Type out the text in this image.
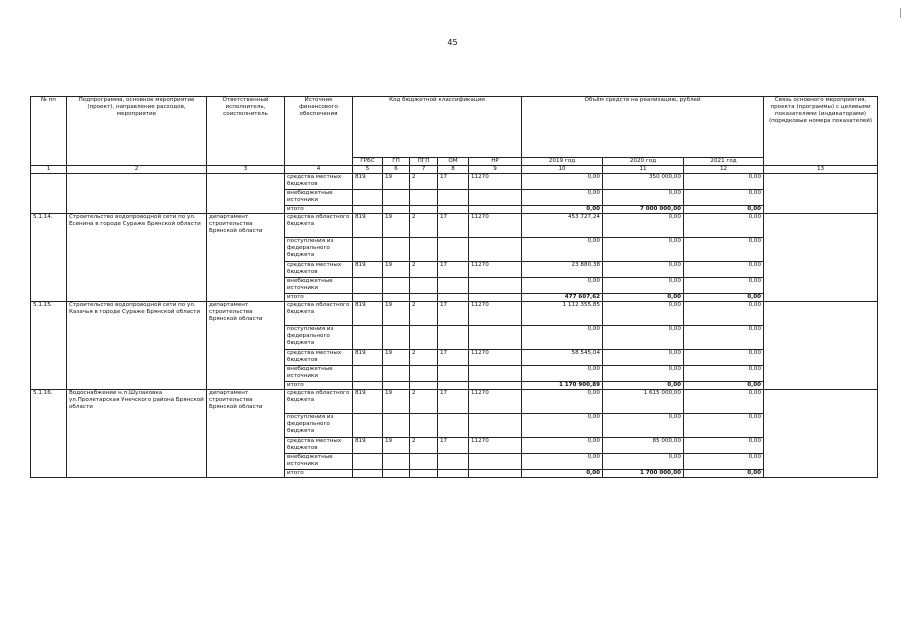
45
№ пп	Подпрограмма, основное мероприятие (проект), направление расходов, мероприятие	Ответственный исполнитель, соисполнитель	Источник финансового обеспечения	Код бюджетной классификации					Объём средств на реализацию, рублей			Связь основного мероприятия, проекта (программы) с целевыми показателями (индикаторами) (порядковые номера показателей)
				ГРБС	ГП	ПГП	ОМ	НР	2019 год	2020 год	2021 год	
1	2	3	4	5	6	7	8	9	10	11	12	13
			средства местных бюджетов	819	19	2	17	11270	0,00	350 000,00	0,00	
			внебюджетные источники						0,00	0,00	0,00	
			итого						0,00	7 000 000,00	0,00	
5.1.14.	Строительство водопроводной сети по ул. Есенина в городе Сураже Брянской области	департамент строительства Брянской области	средства областного бюджета	819	19	2	17	11270	453 727,24	0,00	0,00	
			поступления из федерального бюджета						0,00	0,00	0,00	
			средства местных бюджетов	819	19	2	17	11270	23 880,38	0,00	0,00	
			внебюджетные источники						0,00	0,00	0,00	
			итого						477 607,62	0,00	0,00	
5.1.15.	Строительство водопроводной сети по ул. Казачья в городе Сураже Брянской области	департамент строительства Брянской области	средства областного бюджета	819	19	2	17	11270	1 112 355,85	0,00	0,00	
			поступления из федерального бюджета						0,00	0,00	0,00	
			средства местных бюджетов	819	19	2	17	11270	58 545,04	0,00	0,00	
			внебюджетные источники						0,00	0,00	0,00	
			итого						1 170 900,89	0,00	0,00	
5.1.16.	Водоснабжение н.п.Шулаковка ул.Пролетарская Унечского района Брянской области	департамент строительства Брянской области	средства областного бюджета	819	19	2	17	11270	0,00	1 615 000,00	0,00	
			поступления из федерального бюджета						0,00	0,00	0,00	
			средства местных бюджетов	819	19	2	17	11270	0,00	85 000,00	0,00	
			внебюджетные источники						0,00	0,00	0,00	
			итого						0,00	1 700 000,00	0,00	
